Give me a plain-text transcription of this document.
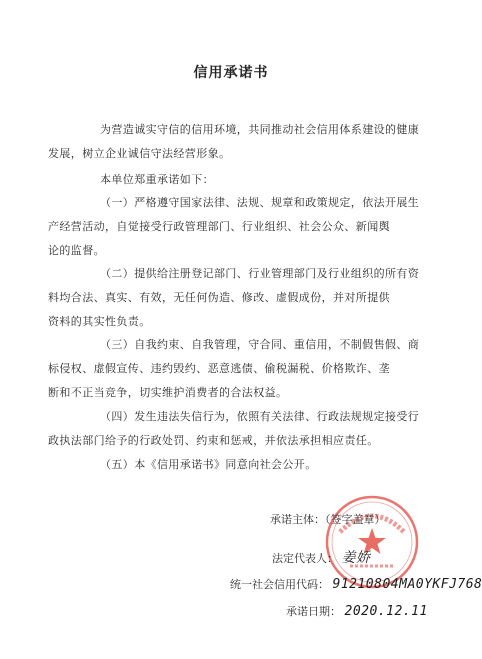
信用承诺书
为营造诚实守信的信用环境，共同推动社会信用体系建设的健康
发展，树立企业诚信守法经营形象。
本单位郑重承诺如下：
（一）严格遵守国家法律、法规、规章和政策规定，依法开展生
产经营活动，自觉接受行政管理部门、行业组织、社会公众、新闻舆
论的监督。
（二）提供给注册登记部门、行业管理部门及行业组织的所有资
料均合法、真实、有效，无任何伪造、修改、虚假成份，并对所提供
资料的其实性负责。
（三）自我约束、自我管理，守合同、重信用，不制假售假、商
标侵权、虚假宣传、违约毁约、恶意逃债、偷税漏税、价格欺诈、垄
断和不正当竞争，切实维护消费者的合法权益。
（四）发生违法失信行为，依照有关法律、行政法规规定接受行
政执法部门给予的行政处罚、约束和惩戒，并依法承担相应责任。
（五）本《信用承诺书》同意向社会公开。
承诺主体：（签字盖章）
法定代表人： 姜娇
统一社会信用代码： 91210804MA0YKFJ768
承诺日期： 2020.12.11
